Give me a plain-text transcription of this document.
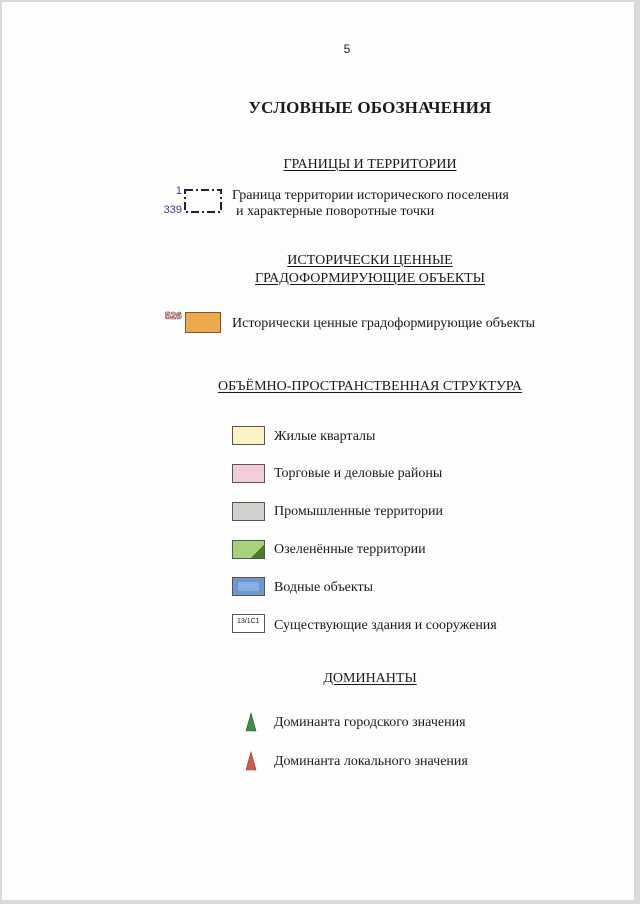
5
УСЛОВНЫЕ ОБОЗНАЧЕНИЯ
ГРАНИЦЫ И ТЕРРИТОРИИ
1
339
Граница территории исторического поселения
и характерные поворотные точки
ИСТОРИЧЕСКИ ЦЕННЫЕ
ГРАДОФОРМИРУЮЩИЕ ОБЪЕКТЫ
526	Исторически ценные градоформирующие объекты
ОБЪЁМНО-ПРОСТРАНСТВЕННАЯ СТРУКТУРА
Жилые кварталы
Торговые и деловые районы
Промышленные территории
Озеленённые территории
Водные объекты
13/1С1	Существующие здания и сооружения
ДОМИНАНТЫ
Доминанта городского значения
Доминанта локального значения
